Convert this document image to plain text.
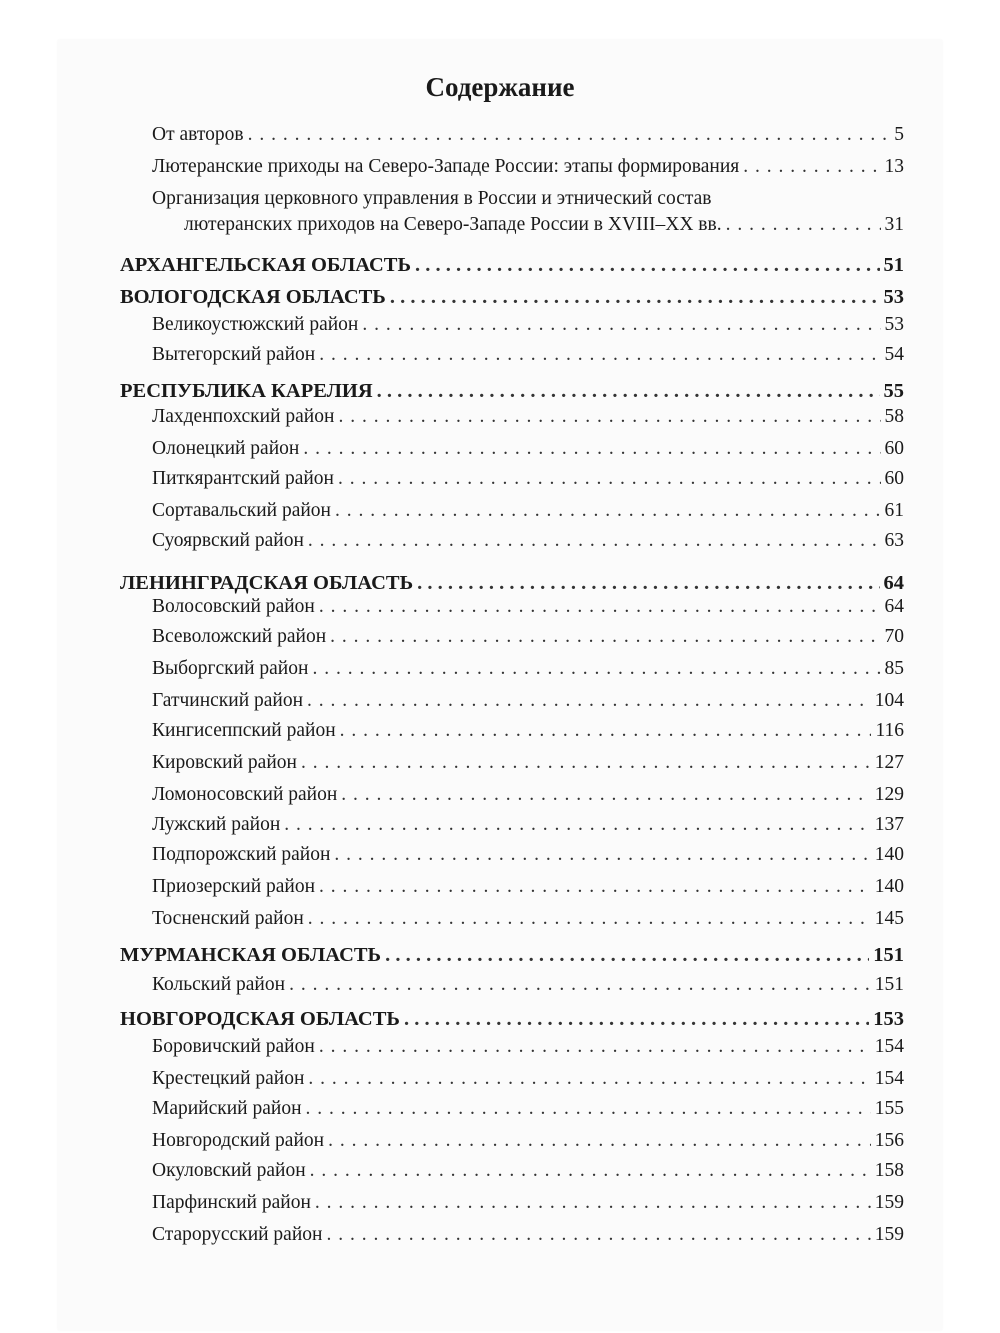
Содержание
От авторов . . .	5
Лютеранские приходы на Северо-Западе России: этапы формирования . . .	13
Организация церковного управления в России и этнический состав
лютеранских приходов на Северо-Западе России в XVIII–XX вв. . . .	31
АРХАНГЕЛЬСКАЯ ОБЛАСТЬ . . .	51
ВОЛОГОДСКАЯ ОБЛАСТЬ . . .	53
Великоустюжский район . . .	53
Вытегорский район . . .	54
РЕСПУБЛИКА КАРЕЛИЯ . . .	55
Лахденпохский район . . .	58
Олонецкий район . . .	60
Питкярантский район . . .	60
Сортавальский район . . .	61
Суоярвский район . . .	63
ЛЕНИНГРАДСКАЯ ОБЛАСТЬ . . .	64
Волосовский район . . .	64
Всеволожский район . . .	70
Выборгский район . . .	85
Гатчинский район . . .	104
Кингисеппский район . . .	116
Кировский район . . .	127
Ломоносовский район . . .	129
Лужский район . . .	137
Подпорожский район . . .	140
Приозерский район . . .	140
Тосненский район . . .	145
МУРМАНСКАЯ ОБЛАСТЬ . . .	151
Кольский район . . .	151
НОВГОРОДСКАЯ ОБЛАСТЬ . . .	153
Боровичский район . . .	154
Крестецкий район . . .	154
Марийский район . . .	155
Новгородский район . . .	156
Окуловский район . . .	158
Парфинский район . . .	159
Старорусский район . . .	159
